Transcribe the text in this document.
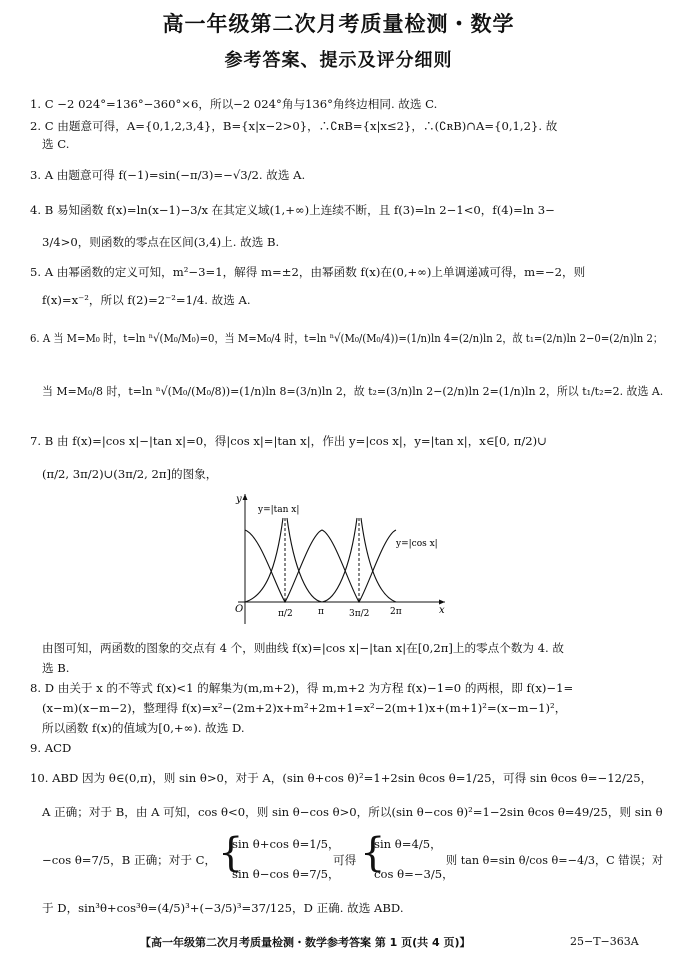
高一年级第二次月考质量检测・数学
参考答案、提示及评分细则
1. C −2 024°=136°−360°×6，所以−2 024°角与136°角终边相同. 故选 C.
2. C 由题意可得，A={0,1,2,3,4}，B={x|x−2>0}，∴∁ʀB={x|x≤2}，∴(∁ʀB)∩A={0,1,2}. 故
选 C.
3. A 由题意可得 f(−1)=sin(−π/3)=−√3/2. 故选 A.
4. B 易知函数 f(x)=ln(x−1)−3/x 在其定义域(1,+∞)上连续不断，且 f(3)=ln 2−1<0，f(4)=ln 3−
3/4>0，则函数的零点在区间(3,4)上. 故选 B.
5. A 由幂函数的定义可知，m²−3=1，解得 m=±2，由幂函数 f(x)在(0,+∞)上单调递减可得，m=−2，则
f(x)=x⁻²，所以 f(2)=2⁻²=1/4. 故选 A.
6. A 当 M=M₀ 时，t=ln ⁿ√(M₀/M₀)=0，当 M=M₀/4 时，t=ln ⁿ√(M₀/(M₀/4))=(1/n)ln 4=(2/n)ln 2，故 t₁=(2/n)ln 2−0=(2/n)ln 2；
当 M=M₀/8 时，t=ln ⁿ√(M₀/(M₀/8))=(1/n)ln 8=(3/n)ln 2，故 t₂=(3/n)ln 2−(2/n)ln 2=(1/n)ln 2，所以 t₁/t₂=2. 故选 A.
7. B 由 f(x)=|cos x|−|tan x|=0，得|cos x|=|tan x|，作出 y=|cos x|，y=|tan x|，x∈[0, π/2)∪
(π/2, 3π/2)∪(3π/2, 2π]的图象，
y
x
O
y=|tan x|
y=|cos x|
π/2	π	3π/2 2π
由图可知，两函数的图象的交点有 4 个，则曲线 f(x)=|cos x|−|tan x|在[0,2π]上的零点个数为 4. 故
选 B.
8. D 由关于 x 的不等式 f(x)<1 的解集为(m,m+2)，得 m,m+2 为方程 f(x)−1=0 的两根，即 f(x)−1=
(x−m)(x−m−2)，整理得 f(x)=x²−(2m+2)x+m²+2m+1=x²−2(m+1)x+(m+1)²=(x−m−1)²，
所以函数 f(x)的值域为[0,+∞). 故选 D.
9. ACD
10. ABD 因为 θ∈(0,π)，则 sin θ>0，对于 A，(sin θ+cos θ)²=1+2sin θcos θ=1/25，可得 sin θcos θ=−12/25，
A 正确；对于 B，由 A 可知，cos θ<0，则 sin θ−cos θ>0，所以(sin θ−cos θ)²=1−2sin θcos θ=49/25，则 sin θ
−cos θ=7/5，B 正确；对于 C， {
sin θ+cos θ=1/5，
sin θ−cos θ=7/5，
可得 {
sin θ=4/5，
cos θ=−3/5，
则 tan θ=sin θ/cos θ=−4/3，C 错误；对
于 D，sin³θ+cos³θ=(4/5)³+(−3/5)³=37/125，D 正确. 故选 ABD.
【高一年级第二次月考质量检测・数学参考答案 第 1 页(共 4 页)】	25−T−363A
